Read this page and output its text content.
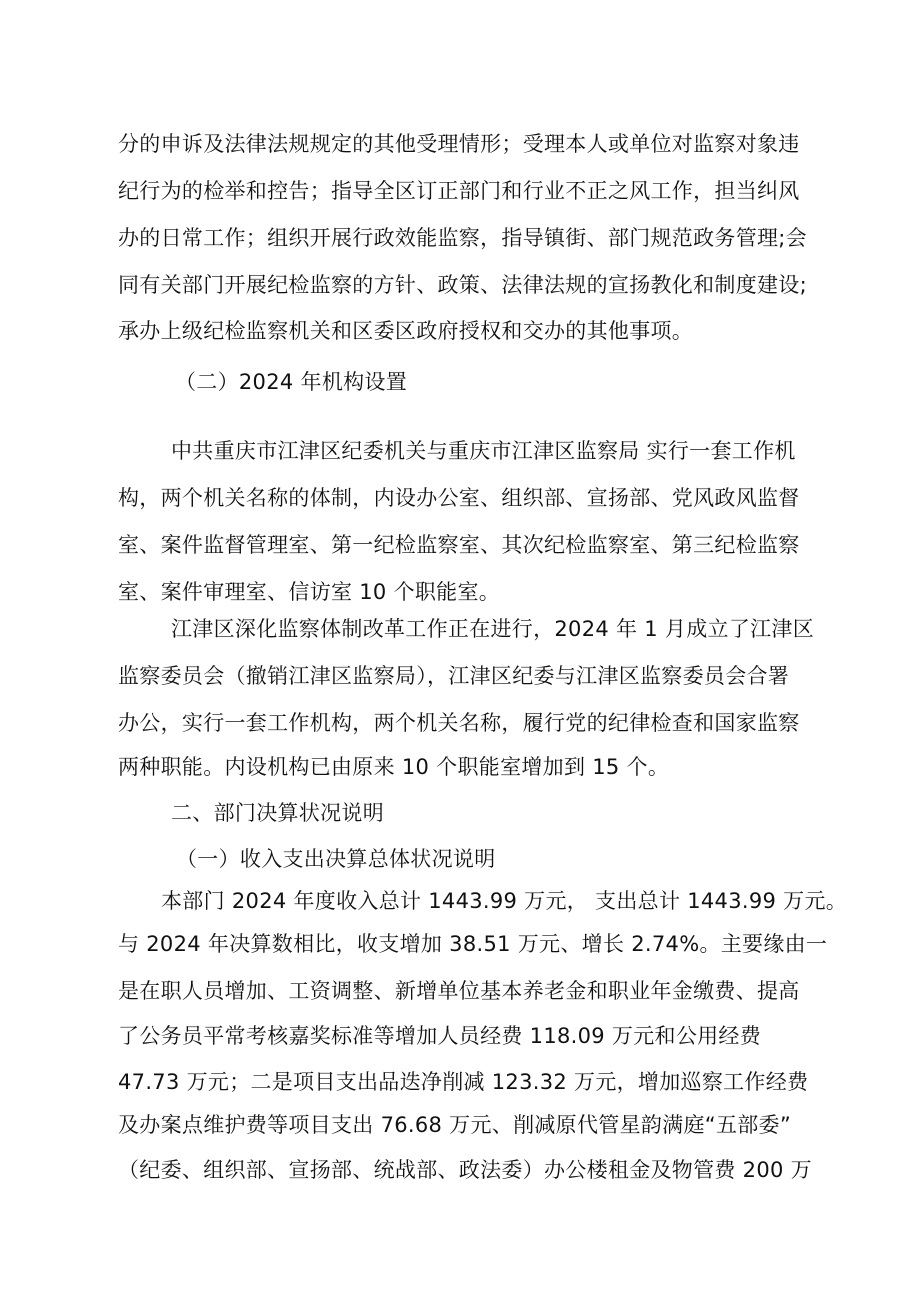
分的申诉及法律法规规定的其他受理情形；受理本人或单位对监察对象违
纪行为的检举和控告；指导全区订正部门和行业不正之风工作，担当纠风
办的日常工作；组织开展行政效能监察，指导镇街、部门规范政务管理;会
同有关部门开展纪检监察的方针、政策、法律法规的宣扬教化和制度建设;
承办上级纪检监察机关和区委区政府授权和交办的其他事项。
（二）2024 年机构设置
中共重庆市江津区纪委机关与重庆市江津区监察局 实行一套工作机
构，两个机关名称的体制，内设办公室、组织部、宣扬部、党风政风监督
室、案件监督管理室、第一纪检监察室、其次纪检监察室、第三纪检监察
室、案件审理室、信访室 10 个职能室。
江津区深化监察体制改革工作正在进行，2024 年 1 月成立了江津区
监察委员会（撤销江津区监察局），江津区纪委与江津区监察委员会合署
办公，实行一套工作机构，两个机关名称，履行党的纪律检查和国家监察
两种职能。内设机构已由原来 10 个职能室增加到 15 个。
二、部门决算状况说明
（一）收入支出决算总体状况说明
本部门 2024 年度收入总计 1443.99 万元， 支出总计 1443.99 万元。
与 2024 年决算数相比，收支增加 38.51 万元、增长 2.74%。主要缘由一
是在职人员增加、工资调整、新增单位基本养老金和职业年金缴费、提高
了公务员平常考核嘉奖标准等增加人员经费 118.09 万元和公用经费
47.73 万元；二是项目支出品迭净削减 123.32 万元，增加巡察工作经费
及办案点维护费等项目支出 76.68 万元、削减原代管星韵满庭“五部委”
（纪委、组织部、宣扬部、统战部、政法委）办公楼租金及物管费 200 万
